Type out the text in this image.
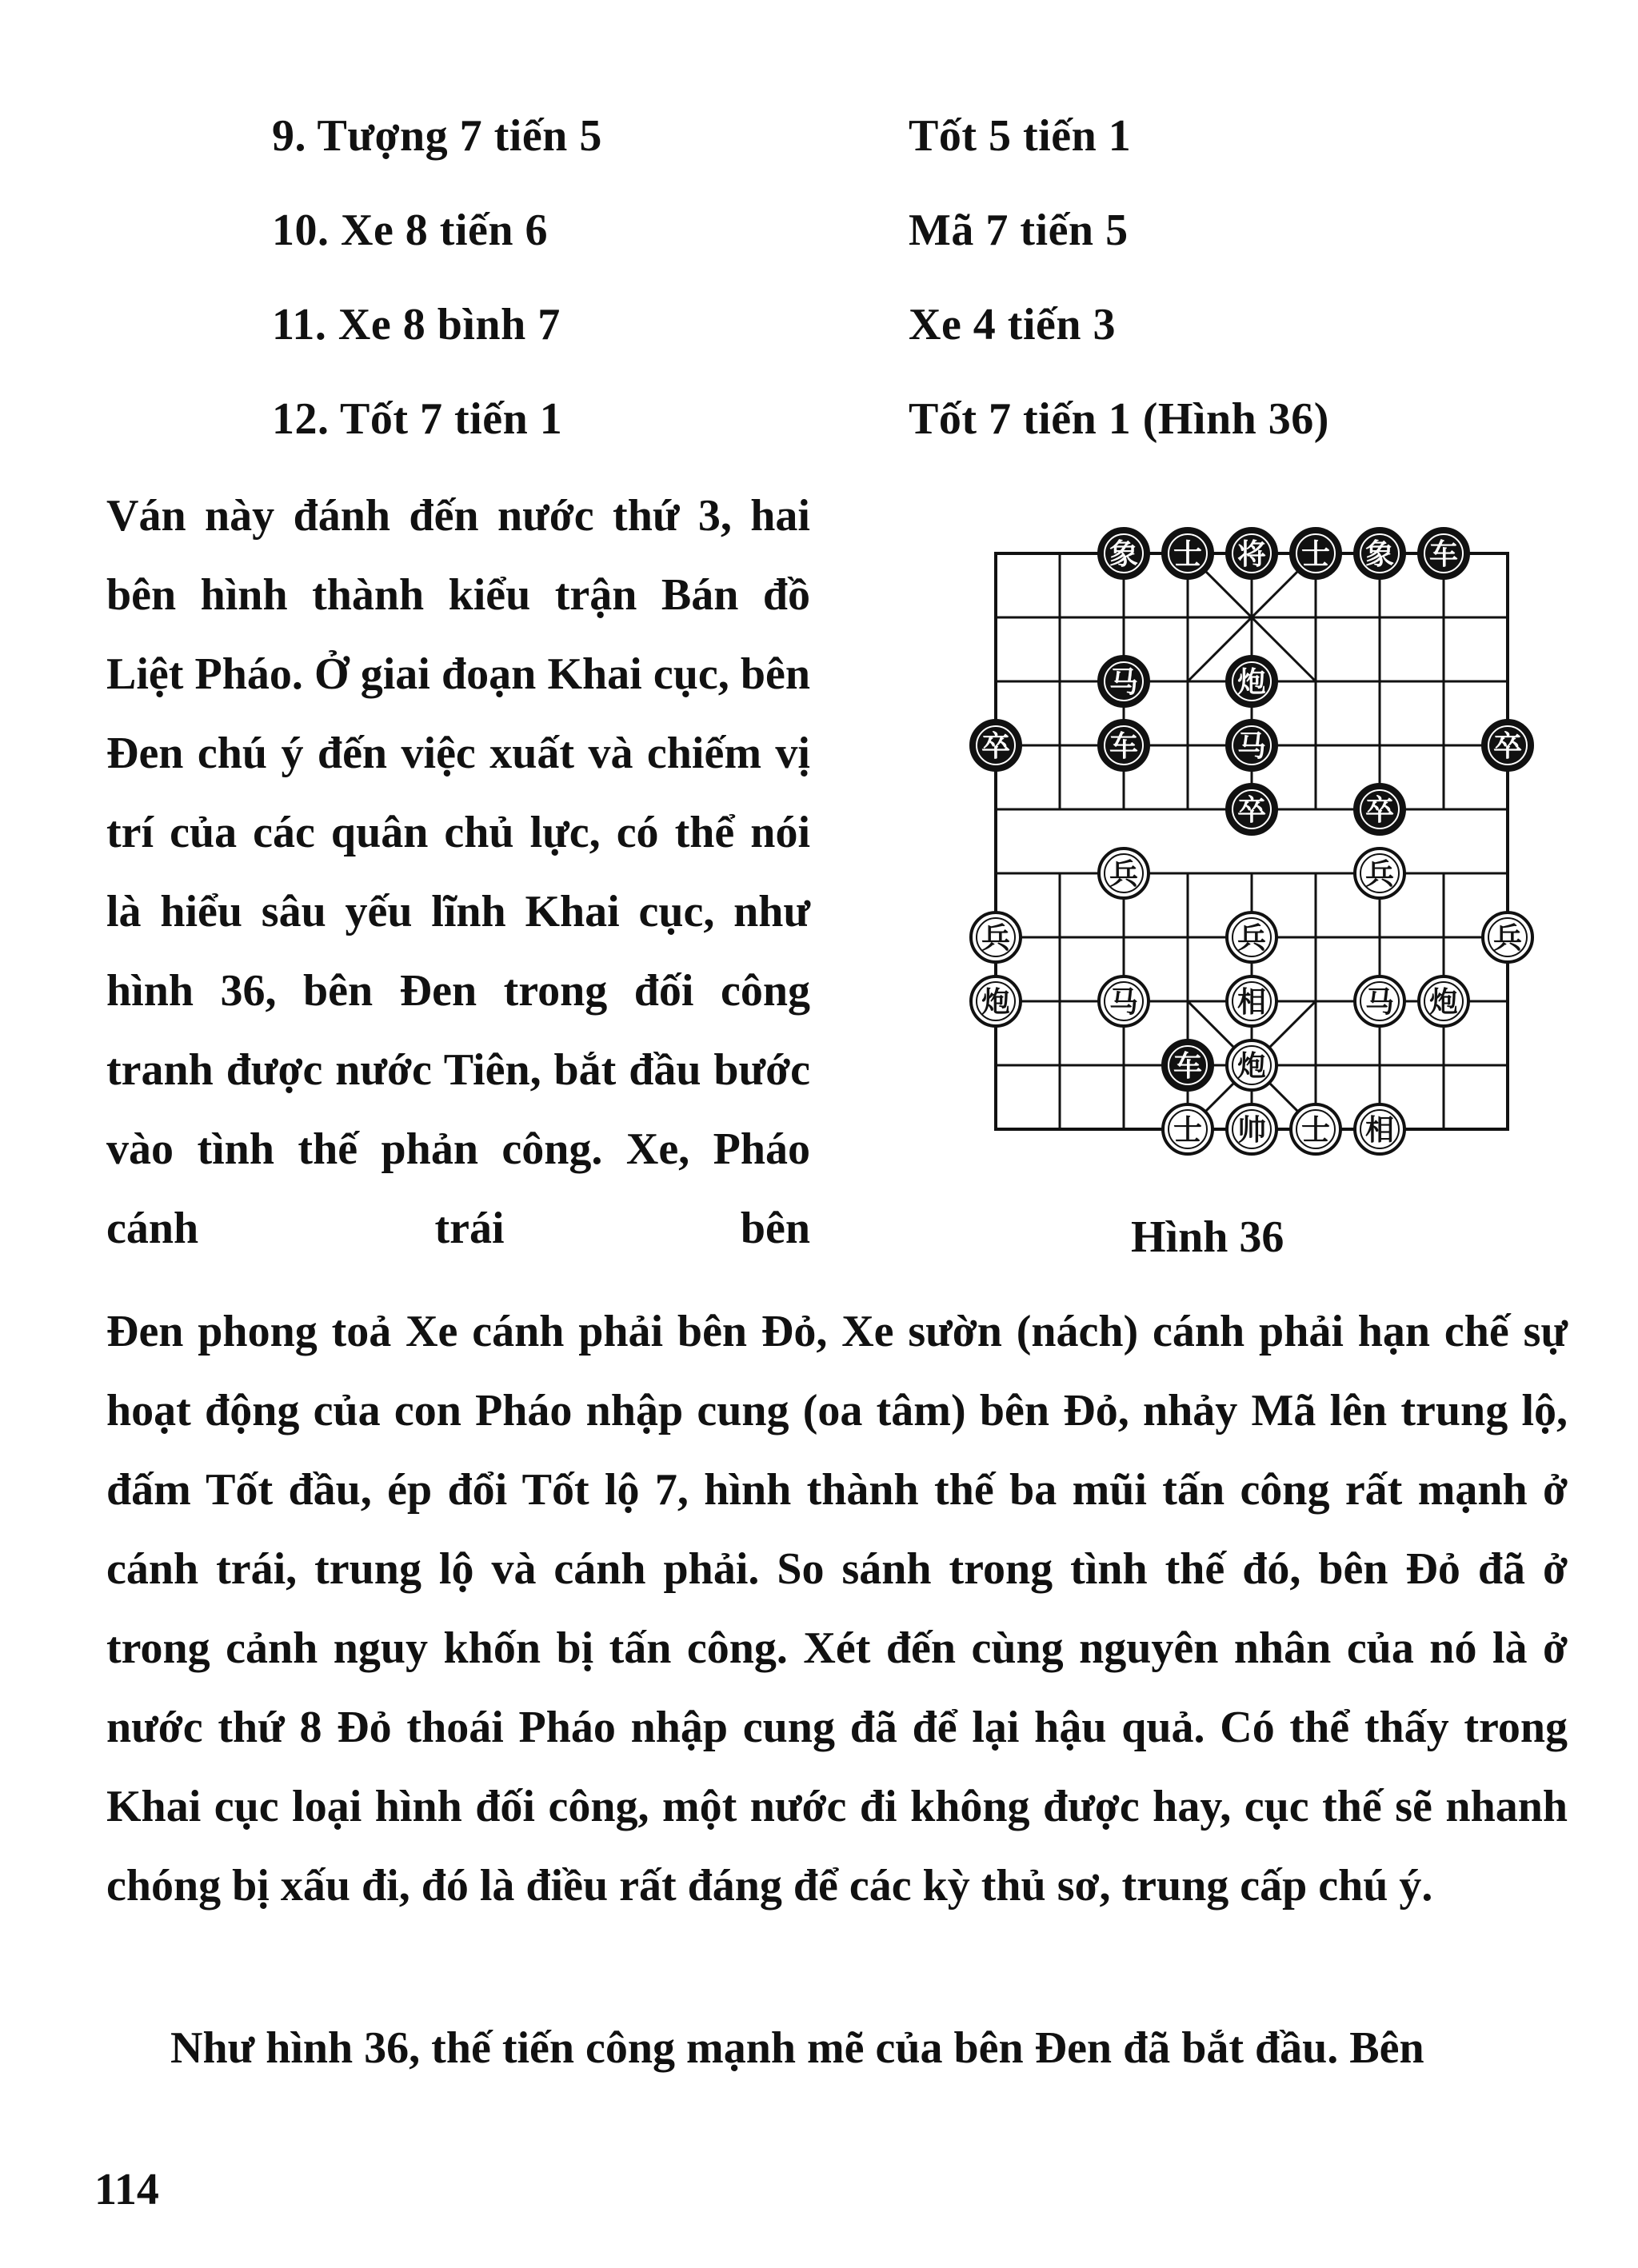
9. Tượng 7 tiến 5	Tốt 5 tiến 1
10. Xe 8 tiến 6	Mã 7 tiến 5
11. Xe 8 bình 7	Xe 4 tiến 3
12. Tốt 7 tiến 1	Tốt 7 tiến 1 (Hình 36)

Ván này đánh đến nước thứ 3, hai bên hình thành kiểu trận Bán đồ Liệt Pháo. Ở giai đoạn Khai cục, bên Đen chú ý đến việc xuất và chiếm vị trí của các quân chủ lực, có thể nói là hiểu sâu yếu lĩnh Khai cục, như hình 36, bên Đen trong đối công tranh được nước Tiên, bắt đầu bước vào tình thế phản công. Xe, Pháo cánh trái bên

象 士 将 士 象 车
马	炮
卒	车	马	卒
卒	卒
车
兵	兵
兵	兵	兵
炮	马	相	马 炮
炮
士 帅 士 相
Hình 36

Đen phong toả Xe cánh phải bên Đỏ, Xe sườn (nách) cánh phải hạn chế sự hoạt động của con Pháo nhập cung (oa tâm) bên Đỏ, nhảy Mã lên trung lộ, đấm Tốt đầu, ép đổi Tốt lộ 7, hình thành thế ba mũi tấn công rất mạnh ở cánh trái, trung lộ và cánh phải. So sánh trong tình thế đó, bên Đỏ đã ở trong cảnh nguy khốn bị tấn công. Xét đến cùng nguyên nhân của nó là ở nước thứ 8 Đỏ thoái Pháo nhập cung đã để lại hậu quả. Có thể thấy trong Khai cục loại hình đối công, một nước đi không được hay, cục thế sẽ nhanh chóng bị xấu đi, đó là điều rất đáng để các kỳ thủ sơ, trung cấp chú ý.

Như hình 36, thế tiến công mạnh mẽ của bên Đen đã bắt đầu. Bên
114
